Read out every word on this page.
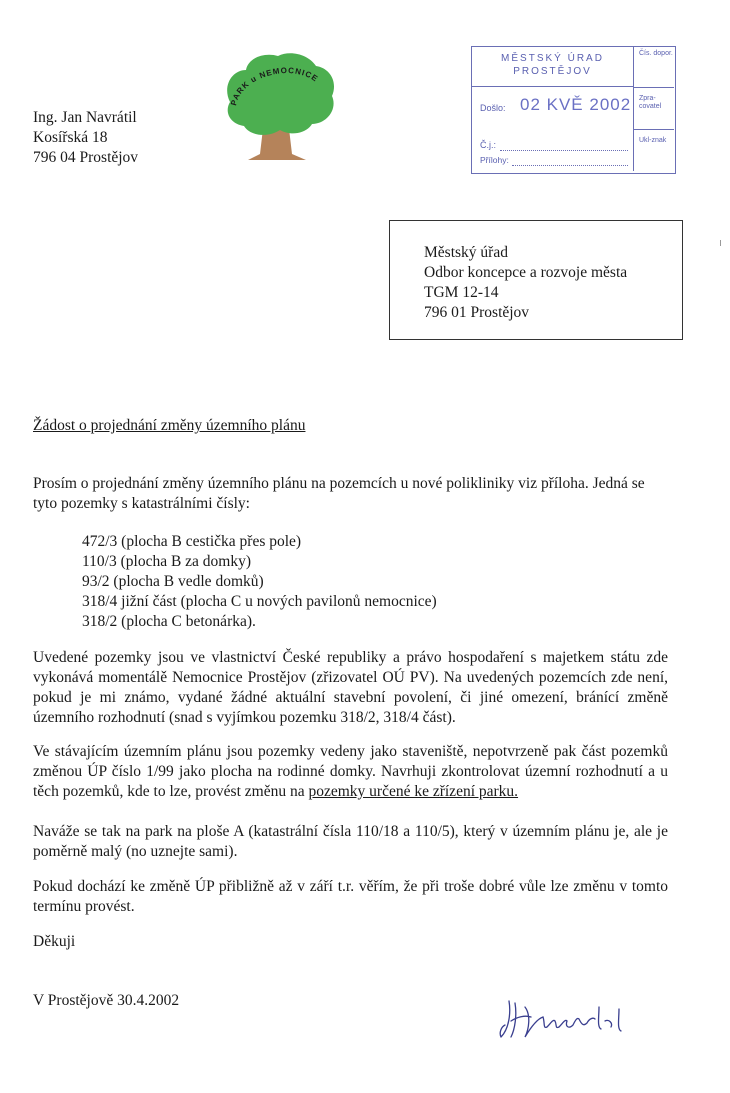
Ing. Jan Navrátil
Kosířská 18
796 04 Prostějov
PARK u NEMOCNICE
MĚSTSKÝ ÚRAD
PROSTĚJOV
Došlo: 02 KVĚ 2002
Č.j.:
Přílohy:
Čís. dopor.
Zpra-covatel
Ukl-znak
Městský úřad
Odbor koncepce a rozvoje města
TGM 12-14
796 01 Prostějov
Žádost o projednání změny územního plánu
Prosím o projednání změny územního plánu na pozemcích u nové polikliniky viz příloha. Jedná se tyto pozemky s katastrálními čísly:
472/3 (plocha B cestička přes pole)
110/3 (plocha B za domky)
93/2 (plocha B vedle domků)
318/4 jižní část (plocha C u nových pavilonů nemocnice)
318/2 (plocha C betonárka).
Uvedené pozemky jsou ve vlastnictví České republiky a právo hospodaření s majetkem státu zde vykonává momentálě Nemocnice Prostějov (zřizovatel OÚ PV). Na uvedených pozemcích zde není, pokud je mi známo, vydané žádné aktuální stavební povolení, či jiné omezení, bránící změně územního rozhodnutí (snad s vyjímkou pozemku 318/2, 318/4 část).
Ve stávajícím územním plánu jsou pozemky vedeny jako staveniště, nepotvrzeně pak část pozemků změnou ÚP číslo 1/99 jako plocha na rodinné domky. Navrhuji zkontrolovat územní rozhodnutí a u těch pozemků, kde to lze, provést změnu na pozemky určené ke zřízení parku.
Naváže se tak na park na ploše A (katastrální čísla 110/18 a 110/5), který v územním plánu je, ale je poměrně malý (no uznejte sami).
Pokud dochází ke změně ÚP přibližně až v září t.r. věřím, že při troše dobré vůle lze změnu v tomto termínu provést.
Děkuji
V Prostějově 30.4.2002
